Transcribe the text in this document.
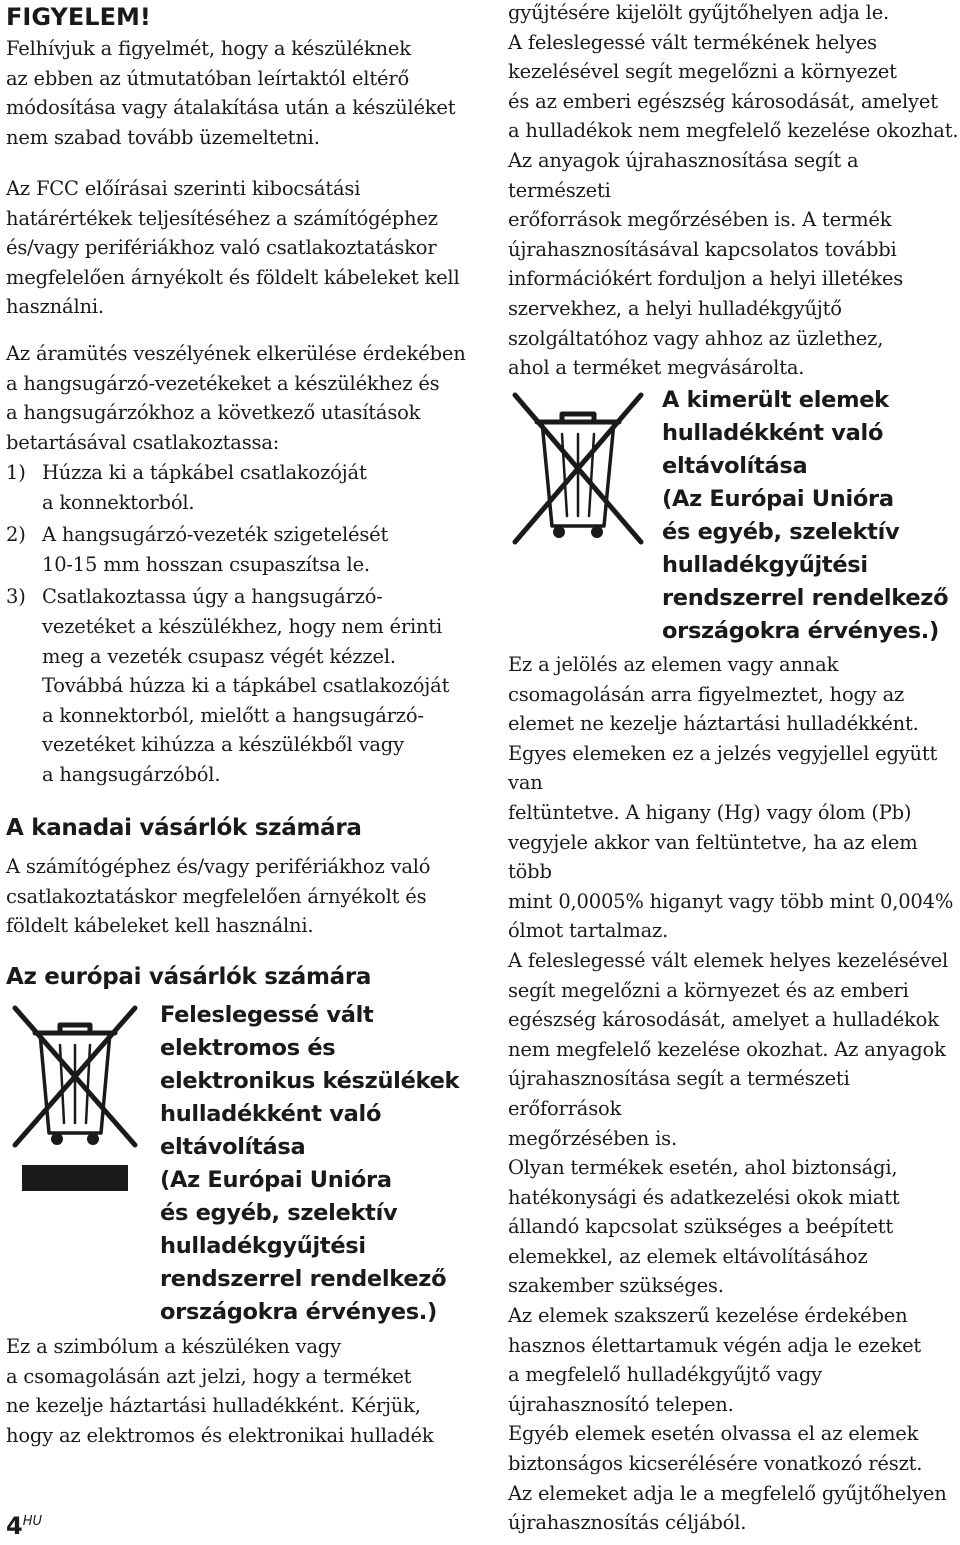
FIGYELEM!

Felhívjuk a figyelmét, hogy a készüléknek
az ebben az útmutatóban leírtaktól eltérő
módosítása vagy átalakítása után a készüléket
nem szabad tovább üzemeltetni.

Az FCC előírásai szerinti kibocsátási
határértékek teljesítéséhez a számítógéphez
és/vagy perifériákhoz való csatlakoztatáskor
megfelelően árnyékolt és földelt kábeleket kell
használni.

Az áramütés veszélyének elkerülése érdekében
a hangsugárzó-vezetékeket a készülékhez és
a hangsugárzókhoz a következő utasítások
betartásával csatlakoztassa:

1) Húzza ki a tápkábel csatlakozóját
a konnektorból.
2) A hangsugárzó-vezeték szigetelését
10-15 mm hosszan csupaszítsa le.
3) Csatlakoztassa úgy a hangsugárzó-
vezetéket a készülékhez, hogy nem érinti
meg a vezeték csupasz végét kézzel.
Továbbá húzza ki a tápkábel csatlakozóját
a konnektorból, mielőtt a hangsugárzó-
vezetéket kihúzza a készülékből vagy
a hangsugárzóból.
A kanadai vásárlók számára

A számítógéphez és/vagy perifériákhoz való
csatlakoztatáskor megfelelően árnyékolt és
földelt kábeleket kell használni.

Az európai vásárlók számára

Feleslegessé vált
elektromos és
elektronikus készülékek
hulladékként való
eltávolítása
(Az Európai Unióra
és egyéb, szelektív
hulladékgyűjtési
rendszerrel rendelkező
országokra érvényes.)

Ez a szimbólum a készüléken vagy
a csomagolásán azt jelzi, hogy a terméket
ne kezelje háztartási hulladékként. Kérjük,
hogy az elektromos és elektronikai hulladék

gyűjtésére kijelölt gyűjtőhelyen adja le.
A feleslegessé vált termékének helyes
kezelésével segít megelőzni a környezet
és az emberi egészség károsodását, amelyet
a hulladékok nem megfelelő kezelése okozhat.
Az anyagok újrahasznosítása segít a természeti
erőforrások megőrzésében is. A termék
újrahasznosításával kapcsolatos további
információkért forduljon a helyi illetékes
szervekhez, a helyi hulladékgyűjtő
szolgáltatóhoz vagy ahhoz az üzlethez,
ahol a terméket megvásárolta.

A kimerült elemek
hulladékként való
eltávolítása
(Az Európai Unióra
és egyéb, szelektív
hulladékgyűjtési
rendszerrel rendelkező
országokra érvényes.)

Ez a jelölés az elemen vagy annak
csomagolásán arra figyelmeztet, hogy az
elemet ne kezelje háztartási hulladékként.
Egyes elemeken ez a jelzés vegyjellel együtt van
feltüntetve. A higany (Hg) vagy ólom (Pb)
vegyjele akkor van feltüntetve, ha az elem több
mint 0,0005% higanyt vagy több mint 0,004%
ólmot tartalmaz.
A feleslegessé vált elemek helyes kezelésével
segít megelőzni a környezet és az emberi
egészség károsodását, amelyet a hulladékok
nem megfelelő kezelése okozhat. Az anyagok
újrahasznosítása segít a természeti erőforrások
megőrzésében is.
Olyan termékek esetén, ahol biztonsági,
hatékonysági és adatkezelési okok miatt
állandó kapcsolat szükséges a beépített
elemekkel, az elemek eltávolításához
szakember szükséges.
Az elemek szakszerű kezelése érdekében
hasznos élettartamuk végén adja le ezeket
a megfelelő hulladékgyűjtő vagy
újrahasznosító telepen.
Egyéb elemek esetén olvassa el az elemek
biztonságos kicserélésére vonatkozó részt.
Az elemeket adja le a megfelelő gyűjtőhelyen
újrahasznosítás céljából.

$4^{HU}$
